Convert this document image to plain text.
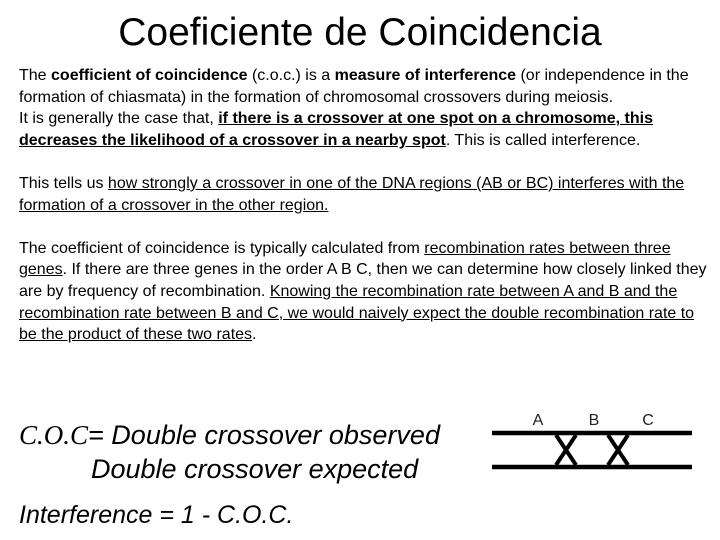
Coeficiente de Coincidencia

The coefficient of coincidence (c.o.c.) is a measure of interference (or independence in the formation of chiasmata) in the formation of chromosomal crossovers during meiosis.

It is generally the case that, if there is a crossover at one spot on a chromosome, this decreases the likelihood of a crossover in a nearby spot. This is called interference.

This tells us how strongly a crossover in one of the DNA regions (AB or BC) interferes with the formation of a crossover in the other region.

The coefficient of coincidence is typically calculated from recombination rates between three genes. If there are three genes in the order A B C, then we can determine how closely linked they are by frequency of recombination. Knowing the recombination rate between A and B and the recombination rate between B and C, we would naively expect the double recombination rate to be the product of these two rates.

C.O.C= Double crossover observed
Double crossover expected
Interference = 1 - C.O.C.
A	B	C
